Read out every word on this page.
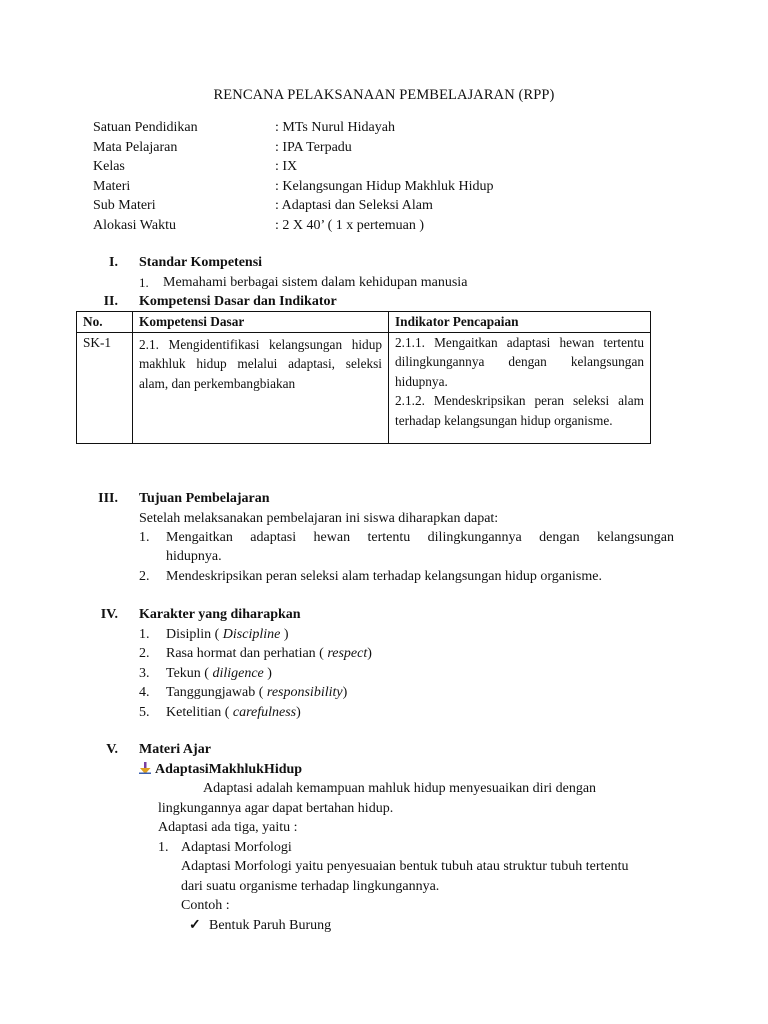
RENCANA PELAKSANAAN PEMBELAJARAN (RPP)
Satuan Pendidikan	: MTs Nurul Hidayah
Mata Pelajaran	: IPA Terpadu
Kelas	: IX
Materi	: Kelangsungan Hidup Makhluk Hidup
Sub Materi	: Adaptasi dan Seleksi Alam
Alokasi Waktu	: 2 X 40’ ( 1 x pertemuan )
I. Standar Kompetensi
1. Memahami berbagai sistem dalam kehidupan manusia
II. Kompetensi Dasar dan Indikator
No.	Kompetensi Dasar	Indikator Pencapaian
SK-1	2.1. Mengidentifikasi kelangsungan hidup makhluk hidup melalui adaptasi, seleksi alam, dan perkembangbiakan	2.1.1. Mengaitkan adaptasi hewan tertentu dilingkungannya dengan kelangsungan hidupnya.
2.1.2. Mendeskripsikan peran seleksi alam terhadap kelangsungan hidup organisme.
III. Tujuan Pembelajaran
Setelah melaksanakan pembelajaran ini siswa diharapkan dapat:
1. Mengaitkan adaptasi hewan tertentu dilingkungannya dengan kelangsungan
hidupnya.
2. Mendeskripsikan peran seleksi alam terhadap kelangsungan hidup organisme.
IV. Karakter yang diharapkan
1. Disiplin ( Discipline )
2. Rasa hormat dan perhatian ( respect)
3. Tekun ( diligence )
4. Tanggungjawab ( responsibility)
5. Ketelitian ( carefulness)
V. Materi Ajar
AdaptasiMakhlukHidup
Adaptasi adalah kemampuan mahluk hidup menyesuaikan diri dengan
lingkungannya agar dapat bertahan hidup.
Adaptasi ada tiga, yaitu :
1. Adaptasi Morfologi
Adaptasi Morfologi yaitu penyesuaian bentuk tubuh atau struktur tubuh tertentu
dari suatu organisme terhadap lingkungannya.
Contoh :
✓ Bentuk Paruh Burung
